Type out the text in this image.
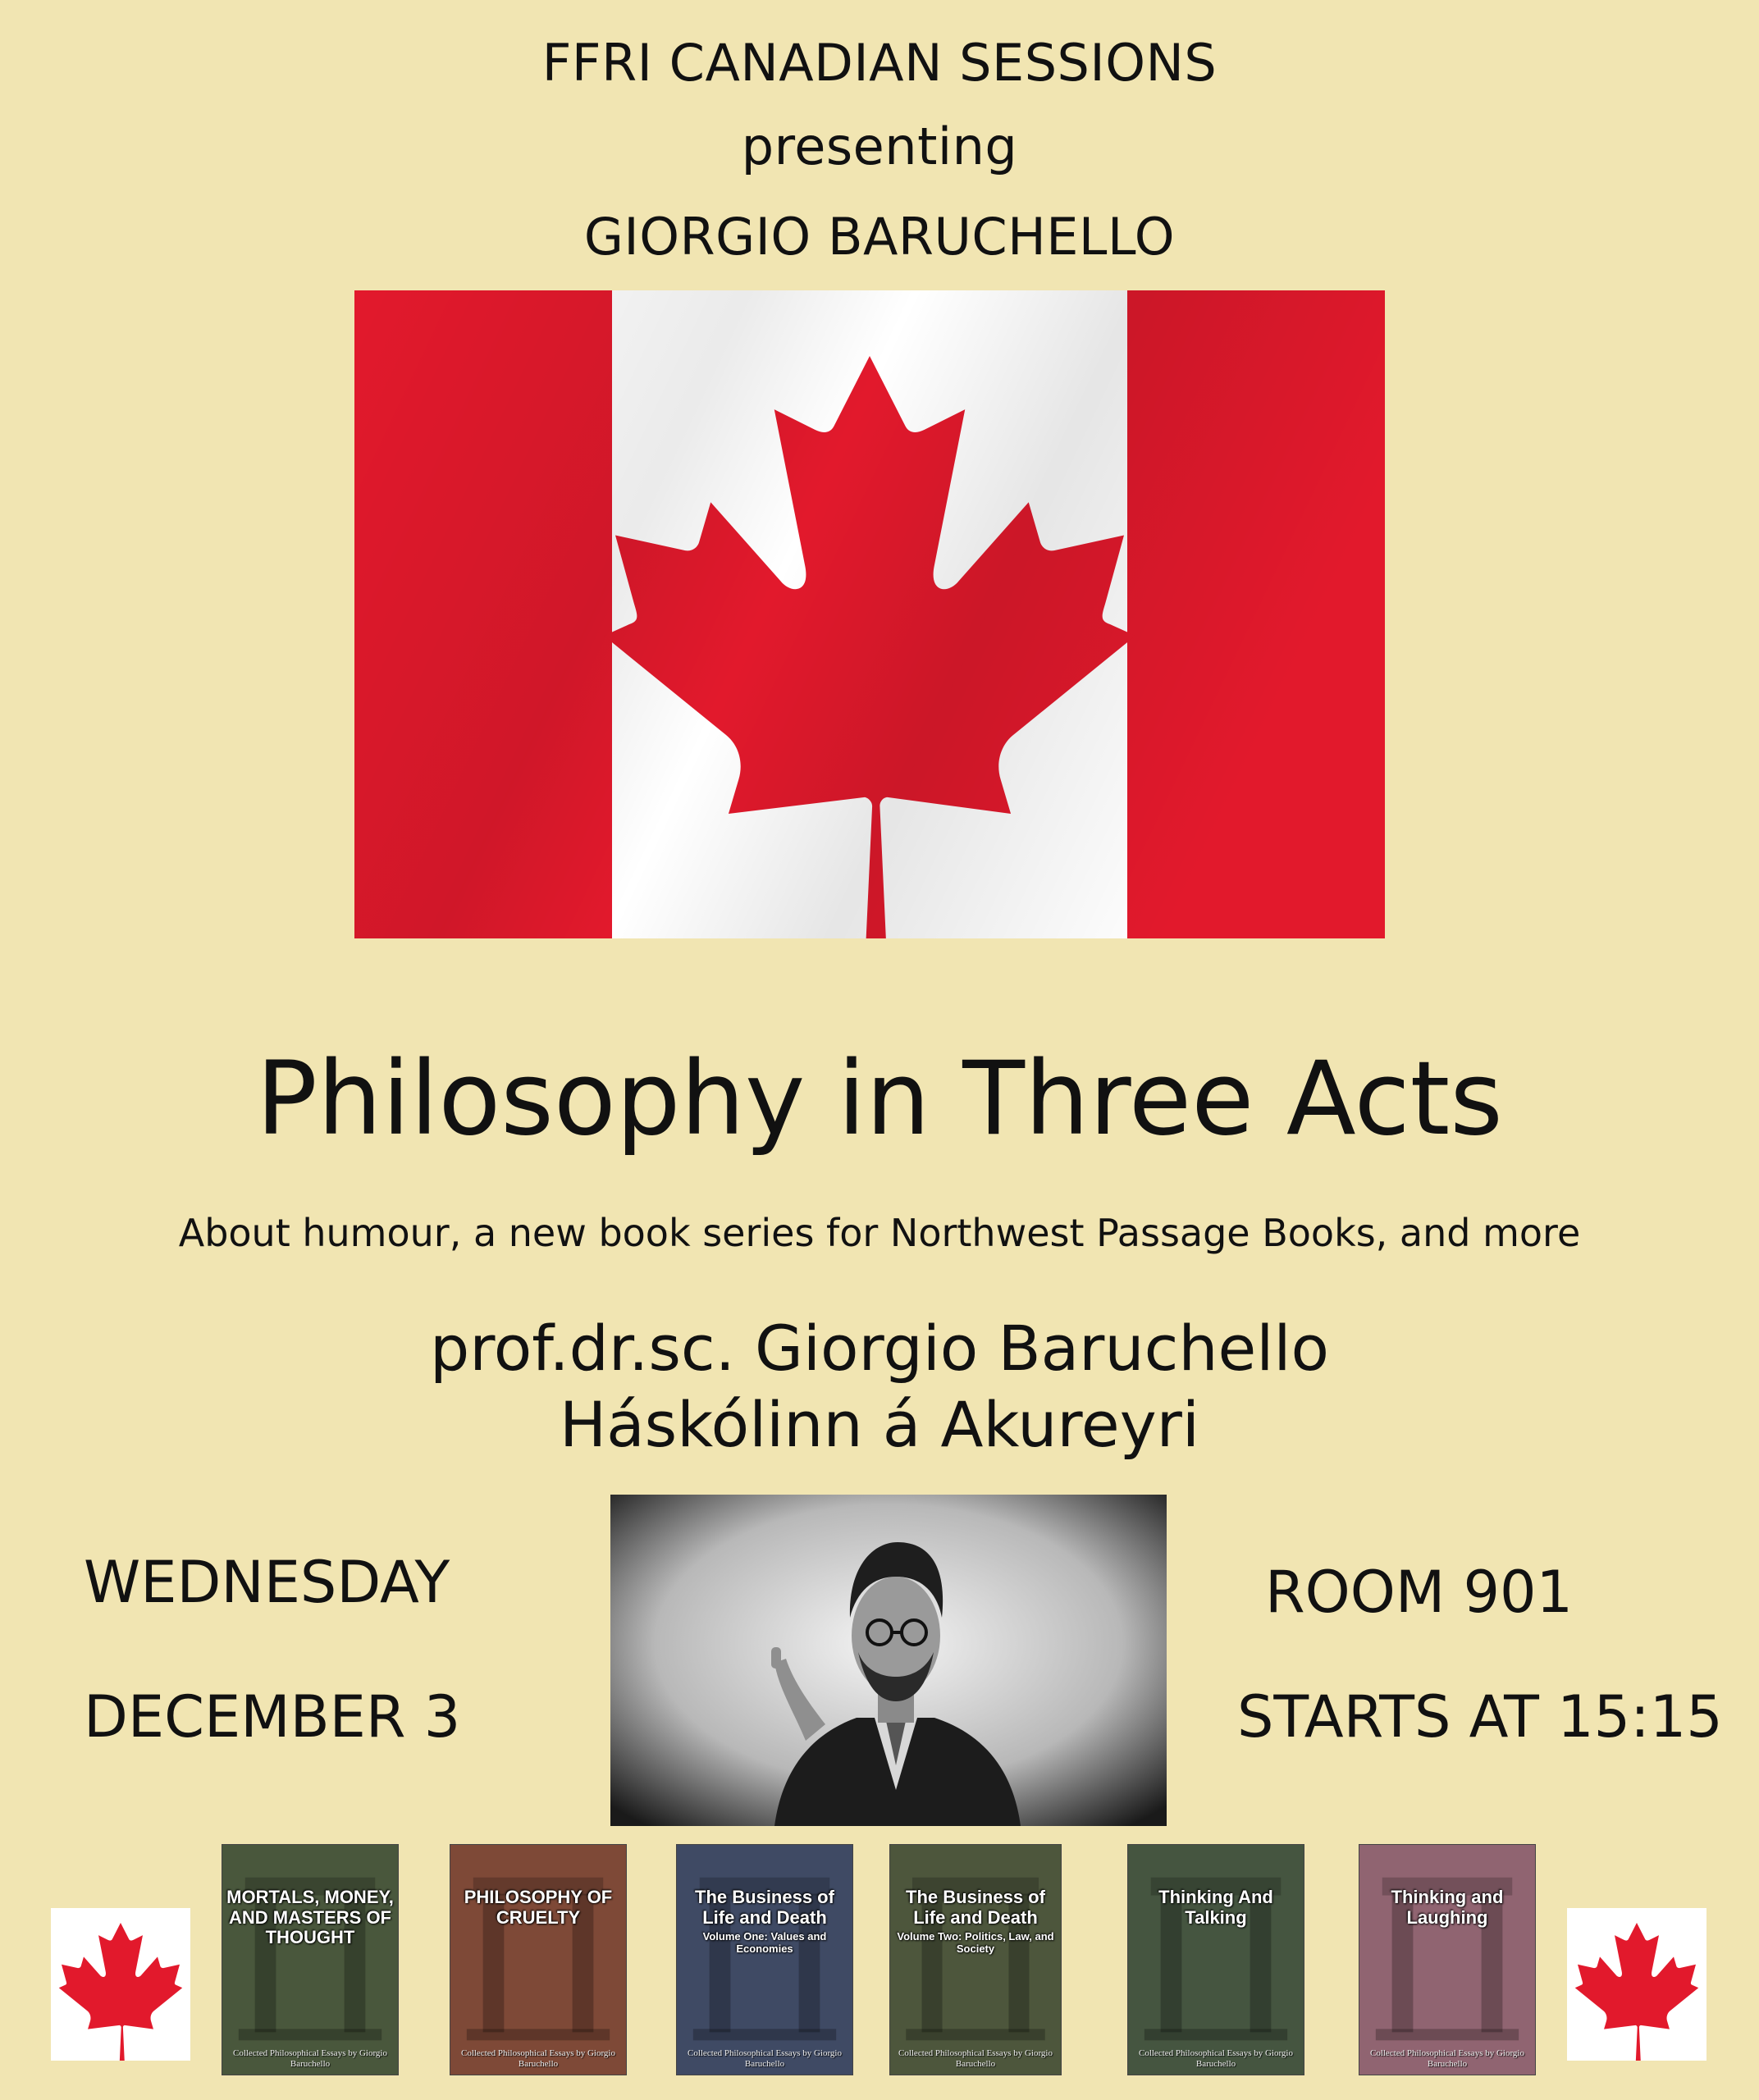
FFRI CANADIAN SESSIONS
presenting
GIORGIO BARUCHELLO
Philosophy in Three Acts
About humour, a new book series for Northwest Passage Books, and more
prof.dr.sc. Giorgio Baruchello
Háskólinn á Akureyri
WEDNESDAY
DECEMBER 3
ROOM 901
STARTS AT 15:15
MORTALS, MONEY, AND MASTERS OF THOUGHT
Collected Philosophical Essays by Giorgio Baruchello
PHILOSOPHY OF CRUELTY
Collected Philosophical Essays by Giorgio Baruchello
The Business of Life and Death
Volume One: Values and Economies
Collected Philosophical Essays by Giorgio Baruchello
The Business of Life and Death
Volume Two: Politics, Law, and Society
Collected Philosophical Essays by Giorgio Baruchello
Thinking And Talking
Collected Philosophical Essays by Giorgio Baruchello
Thinking and Laughing
Collected Philosophical Essays by Giorgio Baruchello
